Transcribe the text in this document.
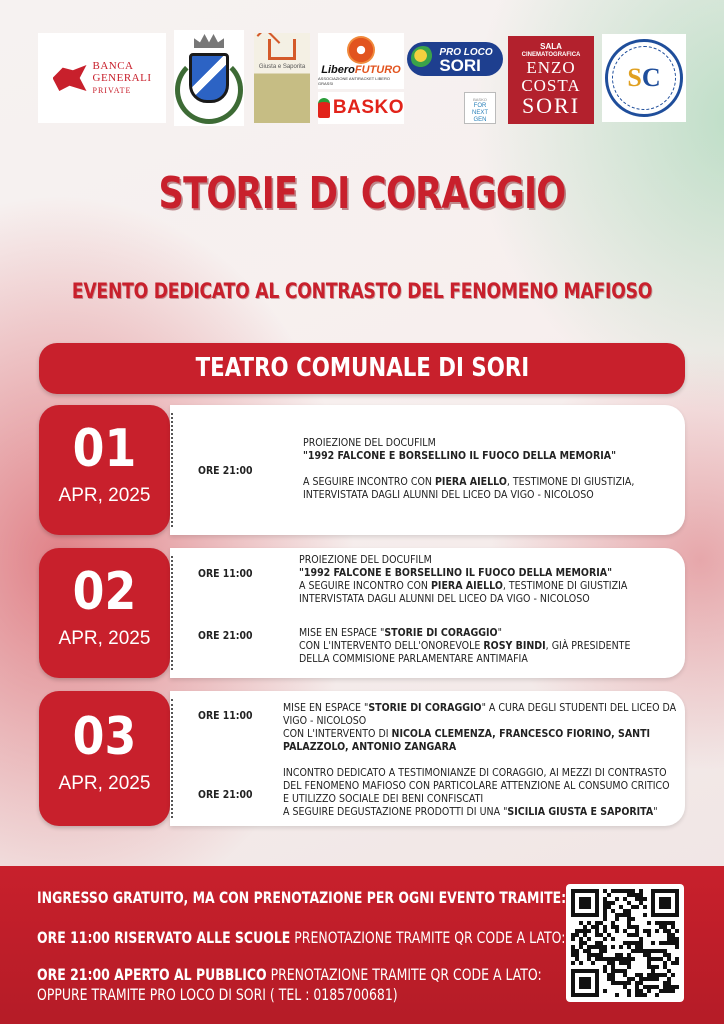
BANCA
GENERALI
PRIVATE
Giusta e Saporita LiberoFUTURO
ASSOCIAZIONE ANTIRACKET LIBERO GRASSI
BASKO
PRO LOCO
SORI
BASKO
FOR
NEXT
GEN
SALA
CINEMATOGRAFICA
ENZO
COSTA
SORI
SC
STORIE DI CORAGGIO
EVENTO DEDICATO AL CONTRASTO DEL FENOMENO MAFIOSO
TEATRO COMUNALE DI SORI
01
APR, 2025
ORE 21:00
PROIEZIONE DEL DOCUFILM
"1992 FALCONE E BORSELLINO IL FUOCO DELLA MEMORIA"
A SEGUIRE INCONTRO CON PIERA AIELLO, TESTIMONE DI GIUSTIZIA,
INTERVISTATA DAGLI ALUNNI DEL LICEO DA VIGO - NICOLOSO
02
APR, 2025
ORE 11:00
PROIEZIONE DEL DOCUFILM
"1992 FALCONE E BORSELLINO IL FUOCO DELLA MEMORIA"
A SEGUIRE INCONTRO CON PIERA AIELLO, TESTIMONE DI GIUSTIZIA
INTERVISTATA DAGLI ALUNNI DEL LICEO DA VIGO - NICOLOSO
ORE 21:00	MISE EN ESPACE "STORIE DI CORAGGIO"
CON L'INTERVENTO DELL'ONOREVOLE ROSY BINDI, GIÀ PRESIDENTE
DELLA COMMISIONE PARLAMENTARE ANTIMAFIA
03
APR, 2025
ORE 11:00
MISE EN ESPACE "STORIE DI CORAGGIO" A CURA DEGLI STUDENTI DEL LICEO DA
VIGO - NICOLOSO
CON L'INTERVENTO DI NICOLA CLEMENZA, FRANCESCO FIORINO, SANTI
PALAZZOLO, ANTONIO ZANGARA
ORE 21:00
INCONTRO DEDICATO A TESTIMONIANZE DI CORAGGIO, AI MEZZI DI CONTRASTO
DEL FENOMENO MAFIOSO CON PARTICOLARE ATTENZIONE AL CONSUMO CRITICO
E UTILIZZO SOCIALE DEI BENI CONFISCATI
A SEGUIRE DEGUSTAZIONE PRODOTTI DI UNA "SICILIA GIUSTA E SAPORITA"
INGRESSO GRATUITO, MA CON PRENOTAZIONE PER OGNI EVENTO TRAMITE:
ORE 11:00 RISERVATO ALLE SCUOLE PRENOTAZIONE TRAMITE QR CODE A LATO:
ORE 21:00 APERTO AL PUBBLICO PRENOTAZIONE TRAMITE QR CODE A LATO:
OPPURE TRAMITE PRO LOCO DI SORI ( TEL : 0185700681)
